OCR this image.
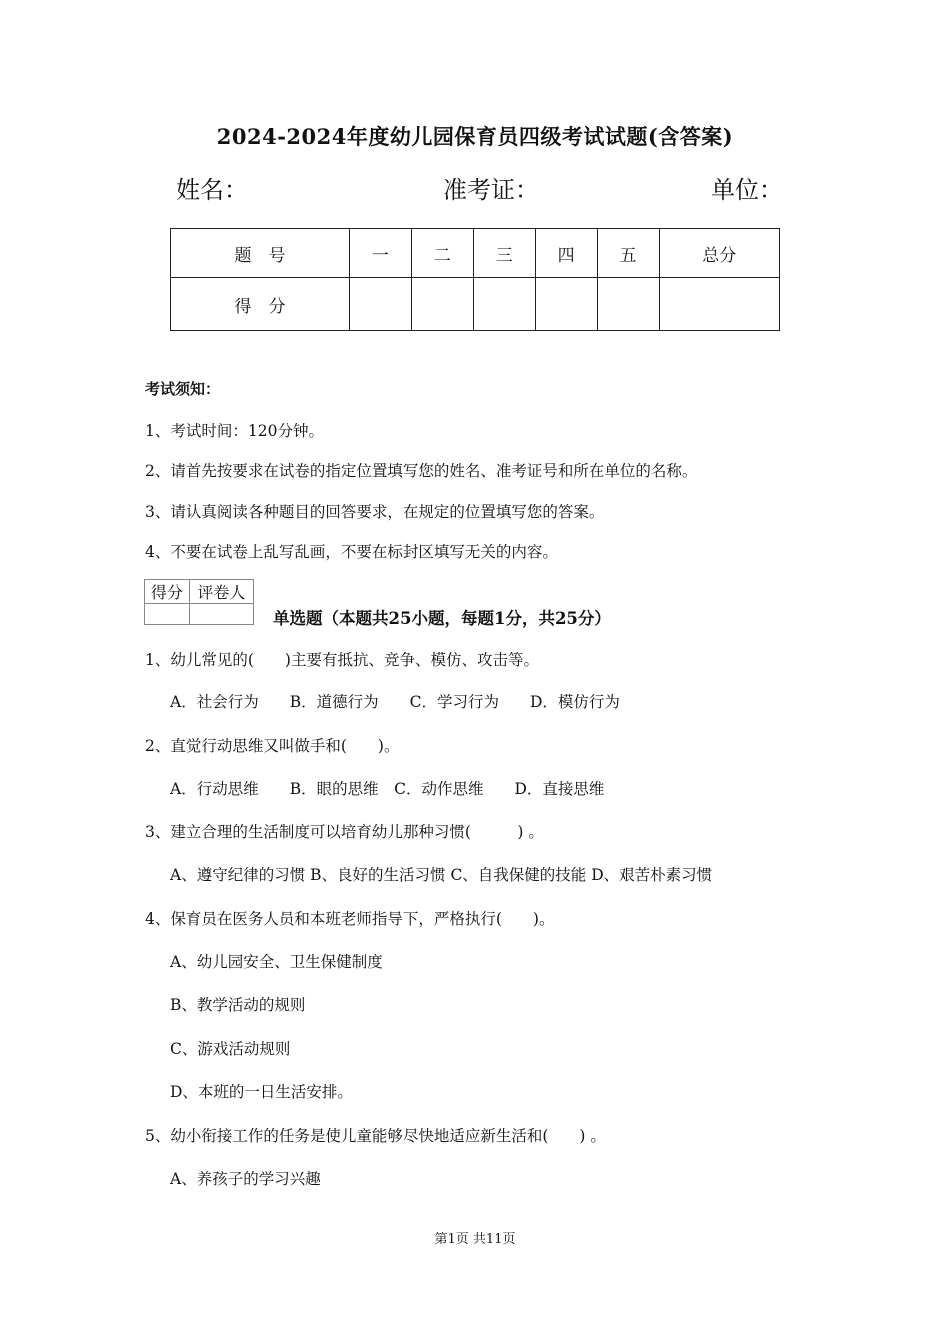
2024-2024年度幼儿园保育员四级考试试题(含答案)
姓名：	准考证：	单位：
题　号	一	二	三	四	五	总分
得　分						
考试须知：
1、考试时间：120分钟。
2、请首先按要求在试卷的指定位置填写您的姓名、准考证号和所在单位的名称。
3、请认真阅读各种题目的回答要求，在规定的位置填写您的答案。
4、不要在试卷上乱写乱画，不要在标封区填写无关的内容。
得分	评卷人

单选题（本题共25小题，每题1分，共25分）
1、幼儿常见的(　　)主要有抵抗、竞争、模仿、攻击等。
A．社会行为　　B．道德行为　　C．学习行为　　D．模仿行为
2、直觉行动思维又叫做手和(　　)。
A．行动思维　　B．眼的思维　C．动作思维　　D．直接思维
3、建立合理的生活制度可以培育幼儿那种习惯(　　　) 。
A、遵守纪律的习惯 B、良好的生活习惯 C、自我保健的技能 D、艰苦朴素习惯
4、保育员在医务人员和本班老师指导下，严格执行(　　)。
A、幼儿园安全、卫生保健制度
B、教学活动的规则
C、游戏活动规则
D、本班的一日生活安排。
5、幼小衔接工作的任务是使儿童能够尽快地适应新生活和(　　) 。
A、养孩子的学习兴趣
第1页 共11页
